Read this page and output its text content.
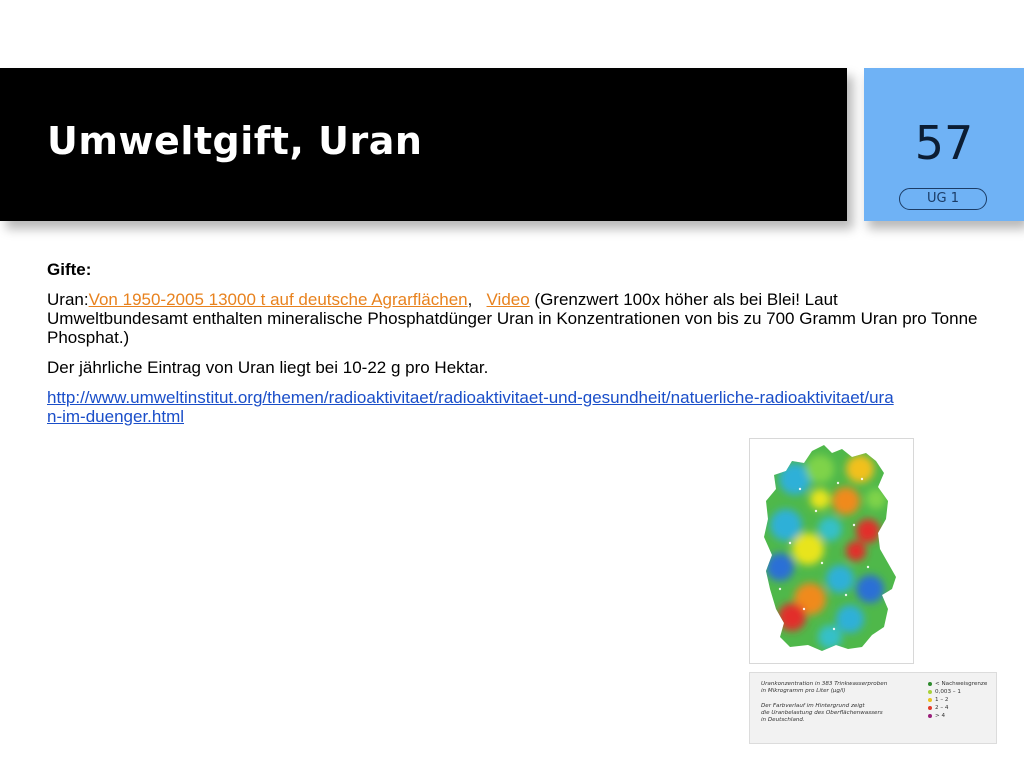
Umweltgift, Uran	57
UG 1

Gifte:

Uran:Von 1950-2005 13000 t auf deutsche Agrarflächen, Video (Grenzwert 100x höher als bei Blei! Laut Umweltbundesamt enthalten mineralische Phosphatdünger Uran in Konzentrationen von bis zu 700 Gramm Uran pro Tonne Phosphat.)

Der jährliche Eintrag von Uran liegt bei 10-22 g pro Hektar.

http://www.umweltinstitut.org/themen/radioaktivitaet/radioaktivitaet-und-gesundheit/natuerliche-radioaktivitaet/uran-im-duenger.html

Urankonzentration in 383 Trinkwasserproben
in Mikrogramm pro Liter (µg/l)
Der Farbverlauf im Hintergrund zeigt
die Uranbelastung des Oberflächenwassers
in Deutschland.
< Nachweisgrenze
0,003 – 1
1 – 2
2 – 4
> 4
